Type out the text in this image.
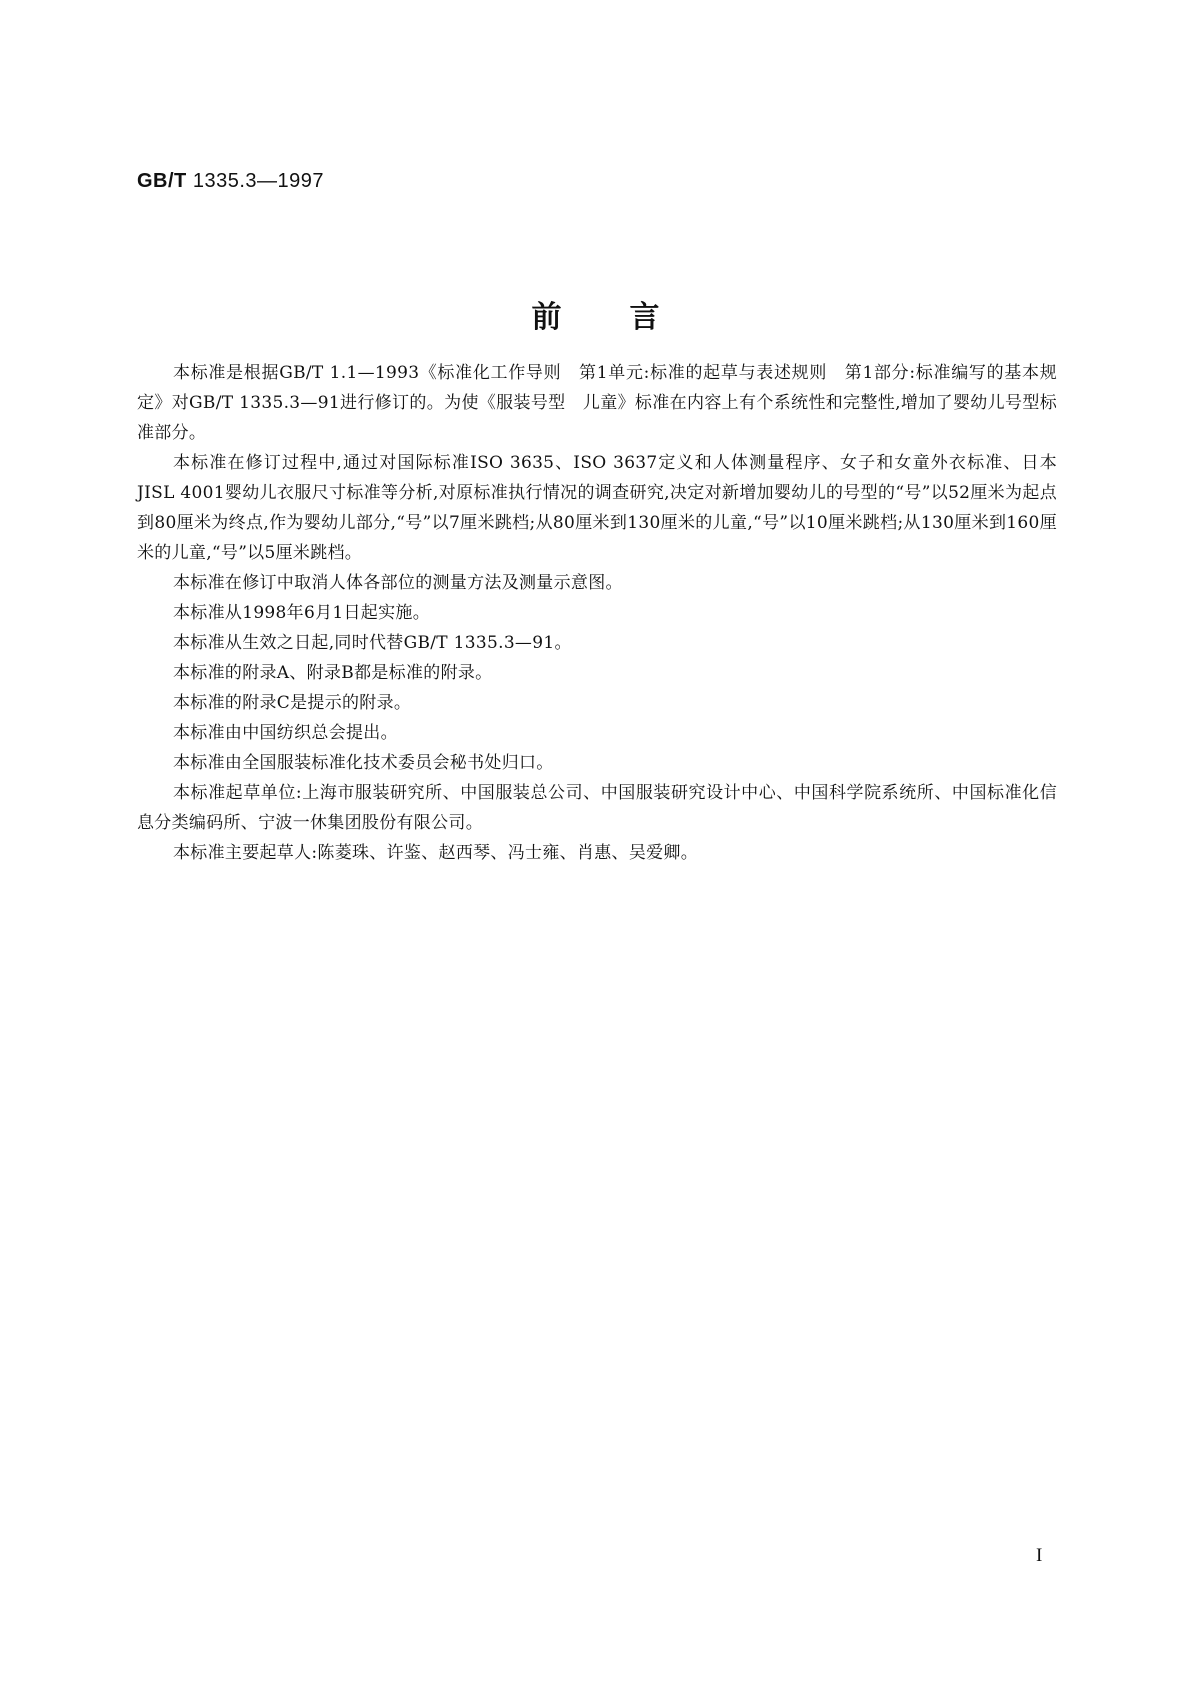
GB/T 1335.3—1997
前言

本标准是根据GB/T 1.1—1993《标准化工作导则　第1单元:标准的起草与表述规则　第1部分:标准编写的基本规定》对GB/T 1335.3—91进行修订的。为使《服装号型　儿童》标准在内容上有个系统性和完整性,增加了婴幼儿号型标准部分。

本标准在修订过程中,通过对国际标准ISO 3635、ISO 3637定义和人体测量程序、女子和女童外衣标准、日本JISL 4001婴幼儿衣服尺寸标准等分析,对原标准执行情况的调查研究,决定对新增加婴幼儿的号型的“号”以52厘米为起点到80厘米为终点,作为婴幼儿部分,“号”以7厘米跳档;从80厘米到130厘米的儿童,“号”以10厘米跳档;从130厘米到160厘米的儿童,“号”以5厘米跳档。

本标准在修订中取消人体各部位的测量方法及测量示意图。

本标准从1998年6月1日起实施。

本标准从生效之日起,同时代替GB/T 1335.3—91。

本标准的附录A、附录B都是标准的附录。

本标准的附录C是提示的附录。

本标准由中国纺织总会提出。

本标准由全国服装标准化技术委员会秘书处归口。

本标准起草单位:上海市服装研究所、中国服装总公司、中国服装研究设计中心、中国科学院系统所、中国标准化信息分类编码所、宁波一休集团股份有限公司。

本标准主要起草人:陈菱珠、许鉴、赵西琴、冯士雍、肖惠、吴爱卿。

I
